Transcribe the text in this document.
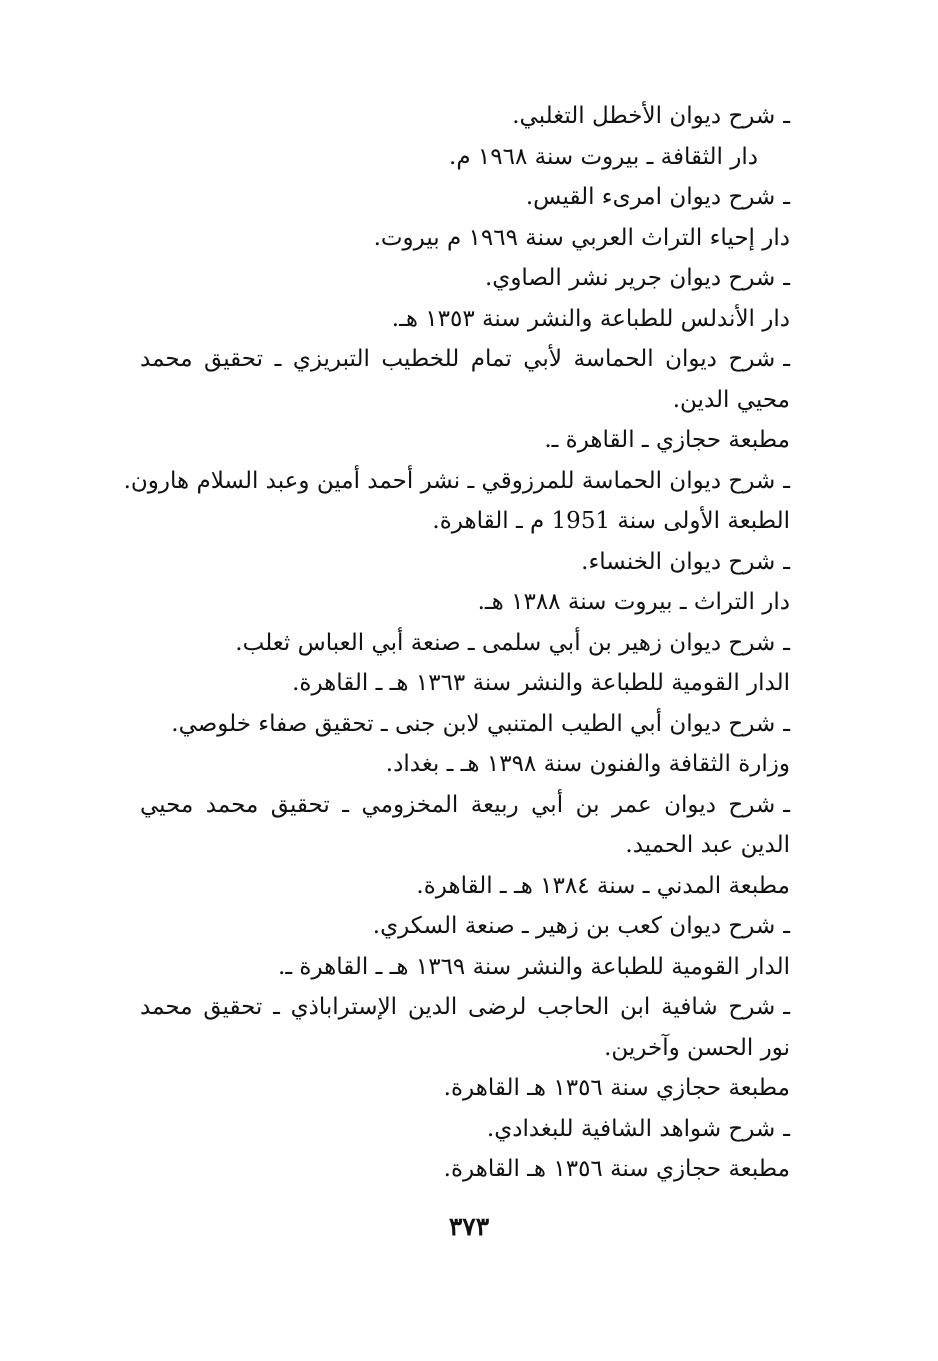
ـشرح ديوان الأخطل التغلبي.
دار الثقافة ـ بيروت سنة ١٩٦٨ م.
ـشرح ديوان امرىء القيس.
دار إحياء التراث العربي سنة ١٩٦٩ م بيروت.
ـشرح ديوان جرير نشر الصاوي.
دار الأندلس للطباعة والنشر سنة ١٣٥٣ هـ.
ـشرح ديوان الحماسة لأبي تمام للخطيب التبريزي ـ تحقيق محمد محيي الدين.
مطبعة حجازي ـ القاهرة ـ.
ـشرح ديوان الحماسة للمرزوقي ـ نشر أحمد أمين وعبد السلام هارون.
الطبعة الأولى سنة 1951 م ـ القاهرة.
ـشرح ديوان الخنساء.
دار التراث ـ بيروت سنة ١٣٨٨ هـ.
ـشرح ديوان زهير بن أبي سلمى ـ صنعة أبي العباس ثعلب.
الدار القومية للطباعة والنشر سنة ١٣٦٣ هـ ـ القاهرة.
ـشرح ديوان أبي الطيب المتنبي لابن جنى ـ تحقيق صفاء خلوصي.
وزارة الثقافة والفنون سنة ١٣٩٨ هـ ـ بغداد.
ـشرح ديوان عمر بن أبي ربيعة المخزومي ـ تحقيق محمد محيي الدين عبد الحميد.
مطبعة المدني ـ سنة ١٣٨٤ هـ ـ القاهرة.
ـشرح ديوان كعب بن زهير ـ صنعة السكري.
الدار القومية للطباعة والنشر سنة ١٣٦٩ هـ ـ القاهرة ـ.
ـشرح شافية ابن الحاجب لرضى الدين الإستراباذي ـ تحقيق محمد نور الحسن وآخرين.
مطبعة حجازي سنة ١٣٥٦ هـ القاهرة.
ـشرح شواهد الشافية للبغدادي.
مطبعة حجازي سنة ١٣٥٦ هـ القاهرة.
٣٧٣
